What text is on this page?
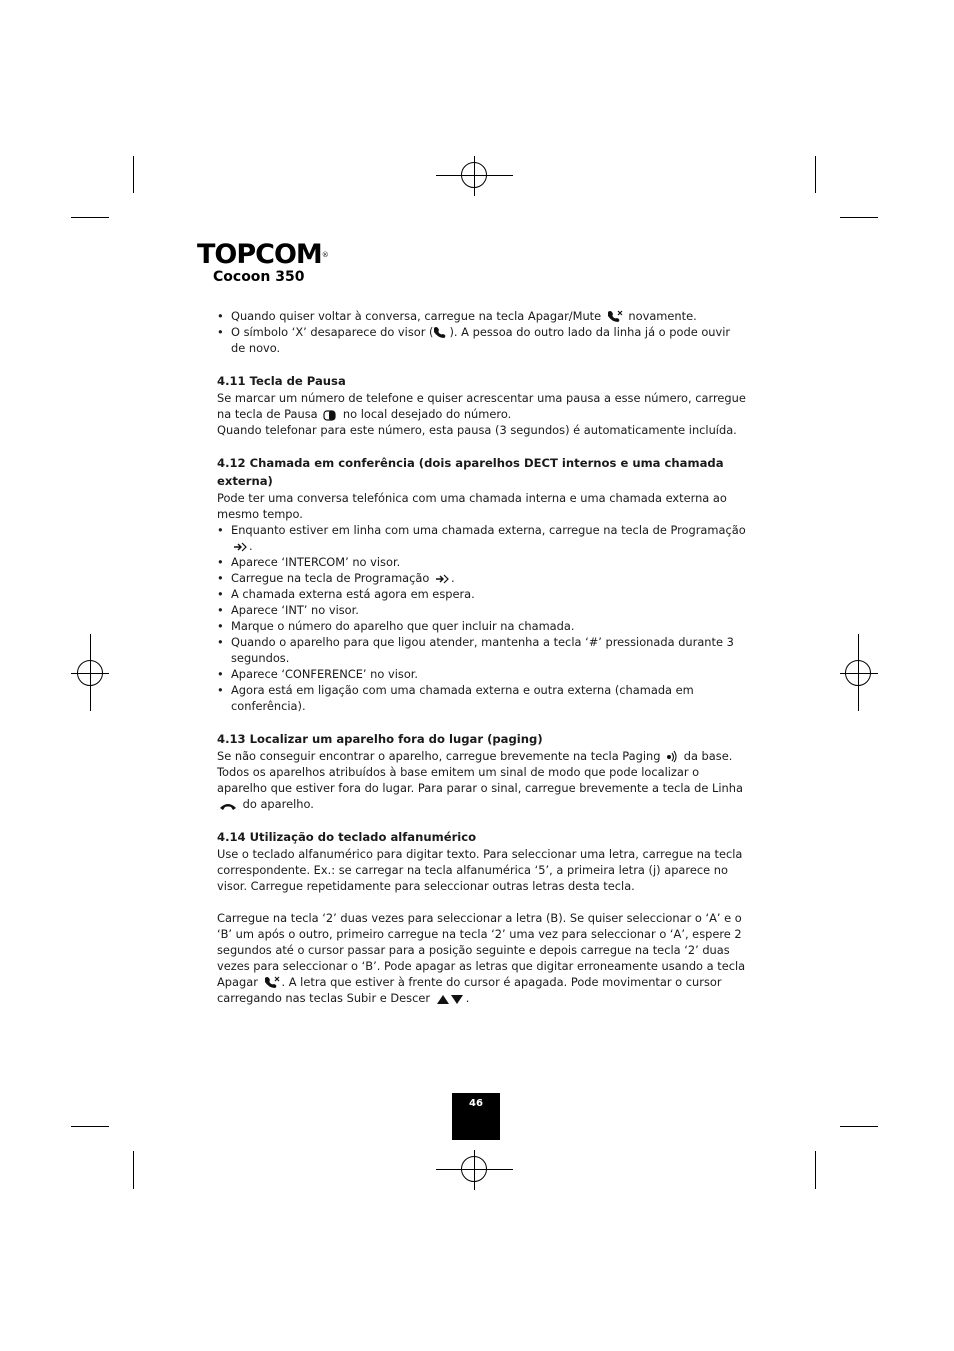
TOPCOM®
Cocoon 350
• Quando quiser voltar à conversa, carregue na tecla Apagar/Mute  novamente.
• O símbolo ‘X’ desaparece do visor ( ). A pessoa do outro lado da linha já o pode ouvir de novo.
4.11 Tecla de Pausa

Se marcar um número de telefone e quiser acrescentar uma pausa a esse número, carregue na tecla de Pausa  no local desejado do número.

Quando telefonar para este número, esta pausa (3 segundos) é automaticamente incluída.

4.12 Chamada em conferência (dois aparelhos DECT internos e uma chamada externa)

Pode ter uma conversa telefónica com uma chamada interna e uma chamada externa ao mesmo tempo.

• Enquanto estiver em linha com uma chamada externa, carregue na tecla de Programação .
• Aparece ‘INTERCOM’ no visor.
• Carregue na tecla de Programação .
• A chamada externa está agora em espera.
• Aparece ‘INT’ no visor.
• Marque o número do aparelho que quer incluir na chamada.
• Quando o aparelho para que ligou atender, mantenha a tecla ‘#’ pressionada durante 3 segundos.
• Aparece ‘CONFERENCE’ no visor.
• Agora está em ligação com uma chamada externa e outra externa (chamada em conferência).
4.13 Localizar um aparelho fora do lugar (paging)

Se não conseguir encontrar o aparelho, carregue brevemente na tecla Paging  da base. Todos os aparelhos atribuídos à base emitem um sinal de modo que pode localizar o aparelho que estiver fora do lugar. Para parar o sinal, carregue brevemente a tecla de Linha  do aparelho.

4.14 Utilização do teclado alfanumérico

Use o teclado alfanumérico para digitar texto. Para seleccionar uma letra, carregue na tecla correspondente. Ex.: se carregar na tecla alfanumérica ‘5’, a primeira letra (j) aparece no visor. Carregue repetidamente para seleccionar outras letras desta tecla.

Carregue na tecla ‘2’ duas vezes para seleccionar a letra (B). Se quiser seleccionar o ‘A’ e o ‘B’ um após o outro, primeiro carregue na tecla ‘2’ uma vez para seleccionar o ‘A’, espere 2 segundos até o cursor passar para a posição seguinte e depois carregue na tecla ‘2’ duas vezes para seleccionar o ‘B’. Pode apagar as letras que digitar erroneamente usando a tecla Apagar . A letra que estiver à frente do cursor é apagada. Pode movimentar o cursor carregando nas teclas Subir e Descer	.

46
